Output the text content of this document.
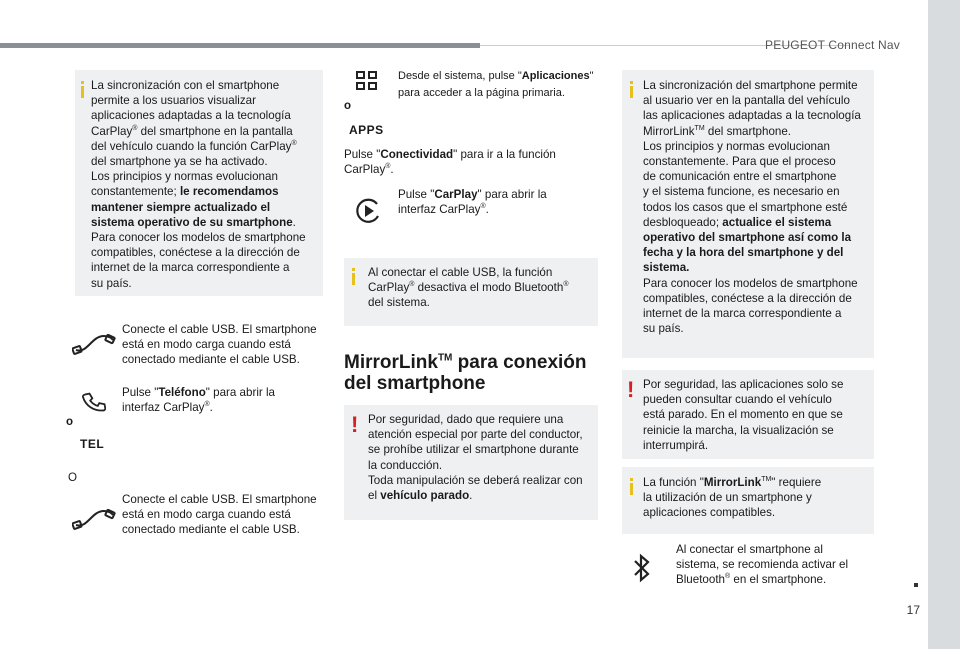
PEUGEOT Connect Nav
17

La sincronización con el smartphone

permite a los usuarios visualizar

aplicaciones adaptadas a la tecnología

CarPlay® del smartphone en la pantalla

del vehículo cuando la función CarPlay®

del smartphone ya se ha activado.

Los principios y normas evolucionan

constantemente; le recomendamos

mantener siempre actualizado el

sistema operativo de su smartphone.

Para conocer los modelos de smartphone

compatibles, conéctese a la dirección de

internet de la marca correspondiente a

su país.

Conecte el cable USB. El smartphone
está en modo carga cuando está
conectado mediante el cable USB.
Pulse "Teléfono" para abrir la
interfaz CarPlay®.
o
TEL
O
Conecte el cable USB. El smartphone
está en modo carga cuando está
conectado mediante el cable USB.
Desde el sistema, pulse "Aplicaciones"
para acceder a la página primaria.
o
APPS
Pulse "Conectividad" para ir a la función
CarPlay®.
Pulse "CarPlay" para abrir la
interfaz CarPlay®.

Al conectar el cable USB, la función

CarPlay® desactiva el modo Bluetooth®

del sistema.

MirrorLink™ para conexión
del smartphone
! Por seguridad, dado que requiere una

atención especial por parte del conductor,

se prohíbe utilizar el smartphone durante

la conducción.

Toda manipulación se deberá realizar con

el vehículo parado.

La sincronización del smartphone permite

al usuario ver en la pantalla del vehículo

las aplicaciones adaptadas a la tecnología

MirrorLink™ del smartphone.

Los principios y normas evolucionan

constantemente. Para que el proceso

de comunicación entre el smartphone

y el sistema funcione, es necesario en

todos los casos que el smartphone esté

desbloqueado; actualice el sistema

operativo del smartphone así como la

fecha y la hora del smartphone y del

sistema.

Para conocer los modelos de smartphone

compatibles, conéctese a la dirección de

internet de la marca correspondiente a

su país.

! Por seguridad, las aplicaciones solo se

pueden consultar cuando el vehículo

está parado. En el momento en que se

reinicie la marcha, la visualización se

interrumpirá.

La función "MirrorLink™" requiere

la utilización de un smartphone y

aplicaciones compatibles.

Al conectar el smartphone al
sistema, se recomienda activar el
Bluetooth® en el smartphone.
